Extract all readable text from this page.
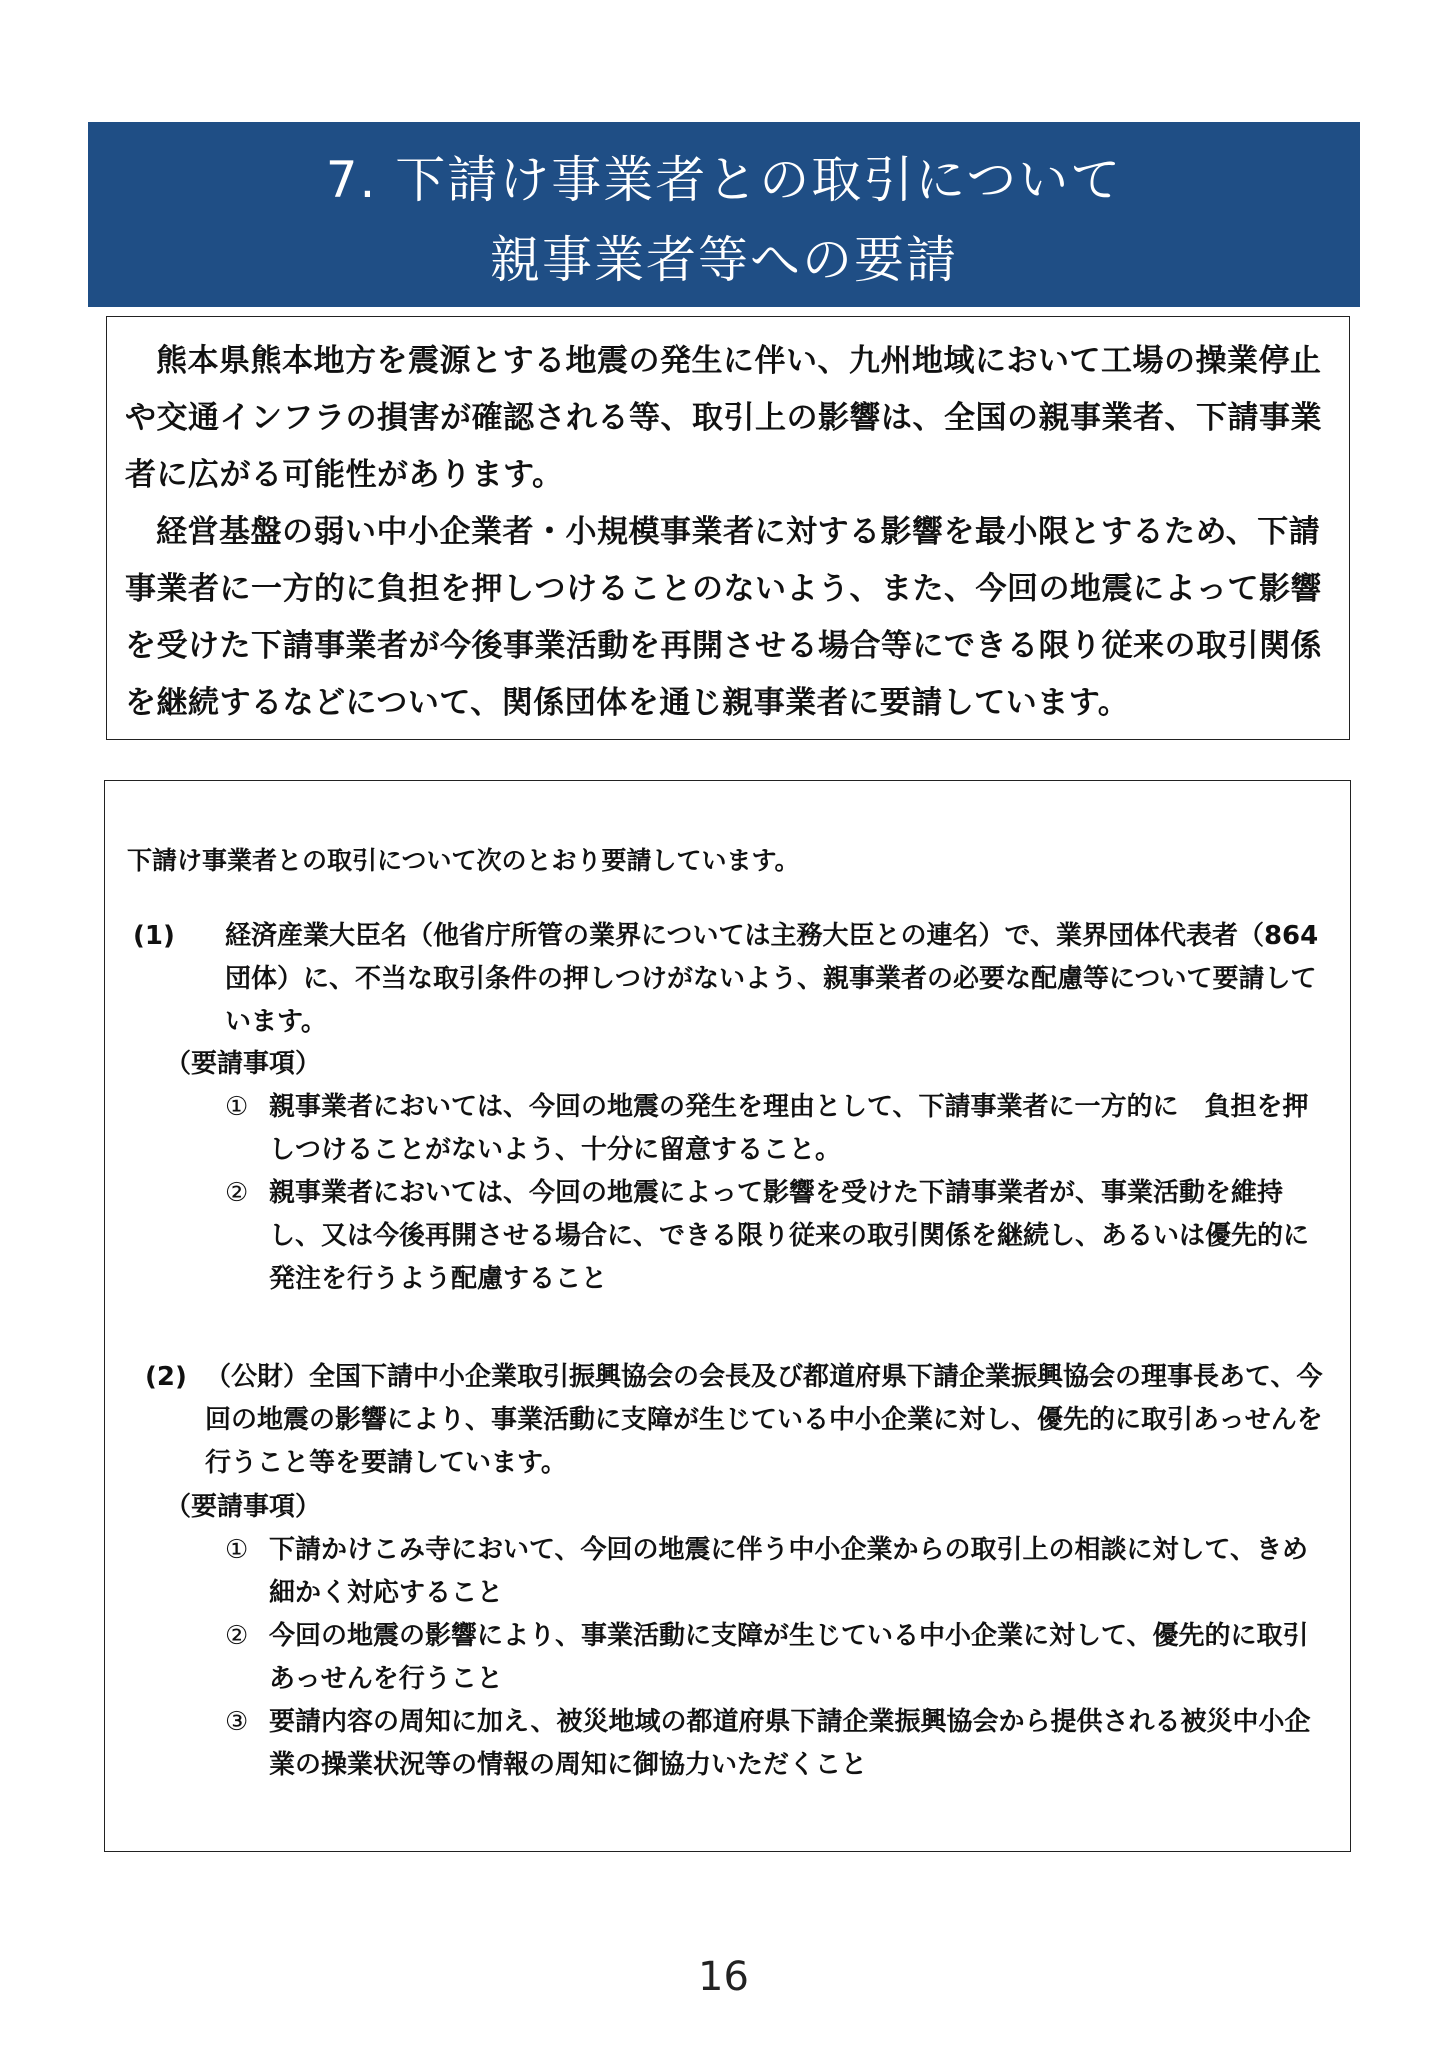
7. 下請け事業者との取引について
親事業者等への要請

熊本県熊本地方を震源とする地震の発生に伴い、九州地域において工場の操業停止や交通インフラの損害が確認される等、取引上の影響は、全国の親事業者、下請事業者に広がる可能性があります。

経営基盤の弱い中小企業者・小規模事業者に対する影響を最小限とするため、下請事業者に一方的に負担を押しつけることのないよう、また、今回の地震によって影響を受けた下請事業者が今後事業活動を再開させる場合等にできる限り従来の取引関係を継続するなどについて、関係団体を通じ親事業者に要請しています。

下請け事業者との取引について次のとおり要請しています。
(1)	経済産業大臣名（他省庁所管の業界については主務大臣との連名）で、業界団体代表者（864 団体）に、不当な取引条件の押しつけがないよう、親事業者の必要な配慮等について要請しています。

（要請事項）
① 親事業者においては、今回の地震の発生を理由として、下請事業者に一方的に　負担を押しつけることがないよう、十分に留意すること。
② 親事業者においては、今回の地震によって影響を受けた下請事業者が、事業活動を維持し、又は今後再開させる場合に、できる限り従来の取引関係を継続し、あるいは優先的に発注を行うよう配慮すること
(2) （公財）全国下請中小企業取引振興協会の会長及び都道府県下請企業振興協会の理事長あて、今回の地震の影響により、事業活動に支障が生じている中小企業に対し、優先的に取引あっせんを行うこと等を要請しています。

（要請事項）
① 下請かけこみ寺において、今回の地震に伴う中小企業からの取引上の相談に対して、きめ細かく対応すること
② 今回の地震の影響により、事業活動に支障が生じている中小企業に対して、優先的に取引あっせんを行うこと
③ 要請内容の周知に加え、被災地域の都道府県下請企業振興協会から提供される被災中小企業の操業状況等の情報の周知に御協力いただくこと
16
